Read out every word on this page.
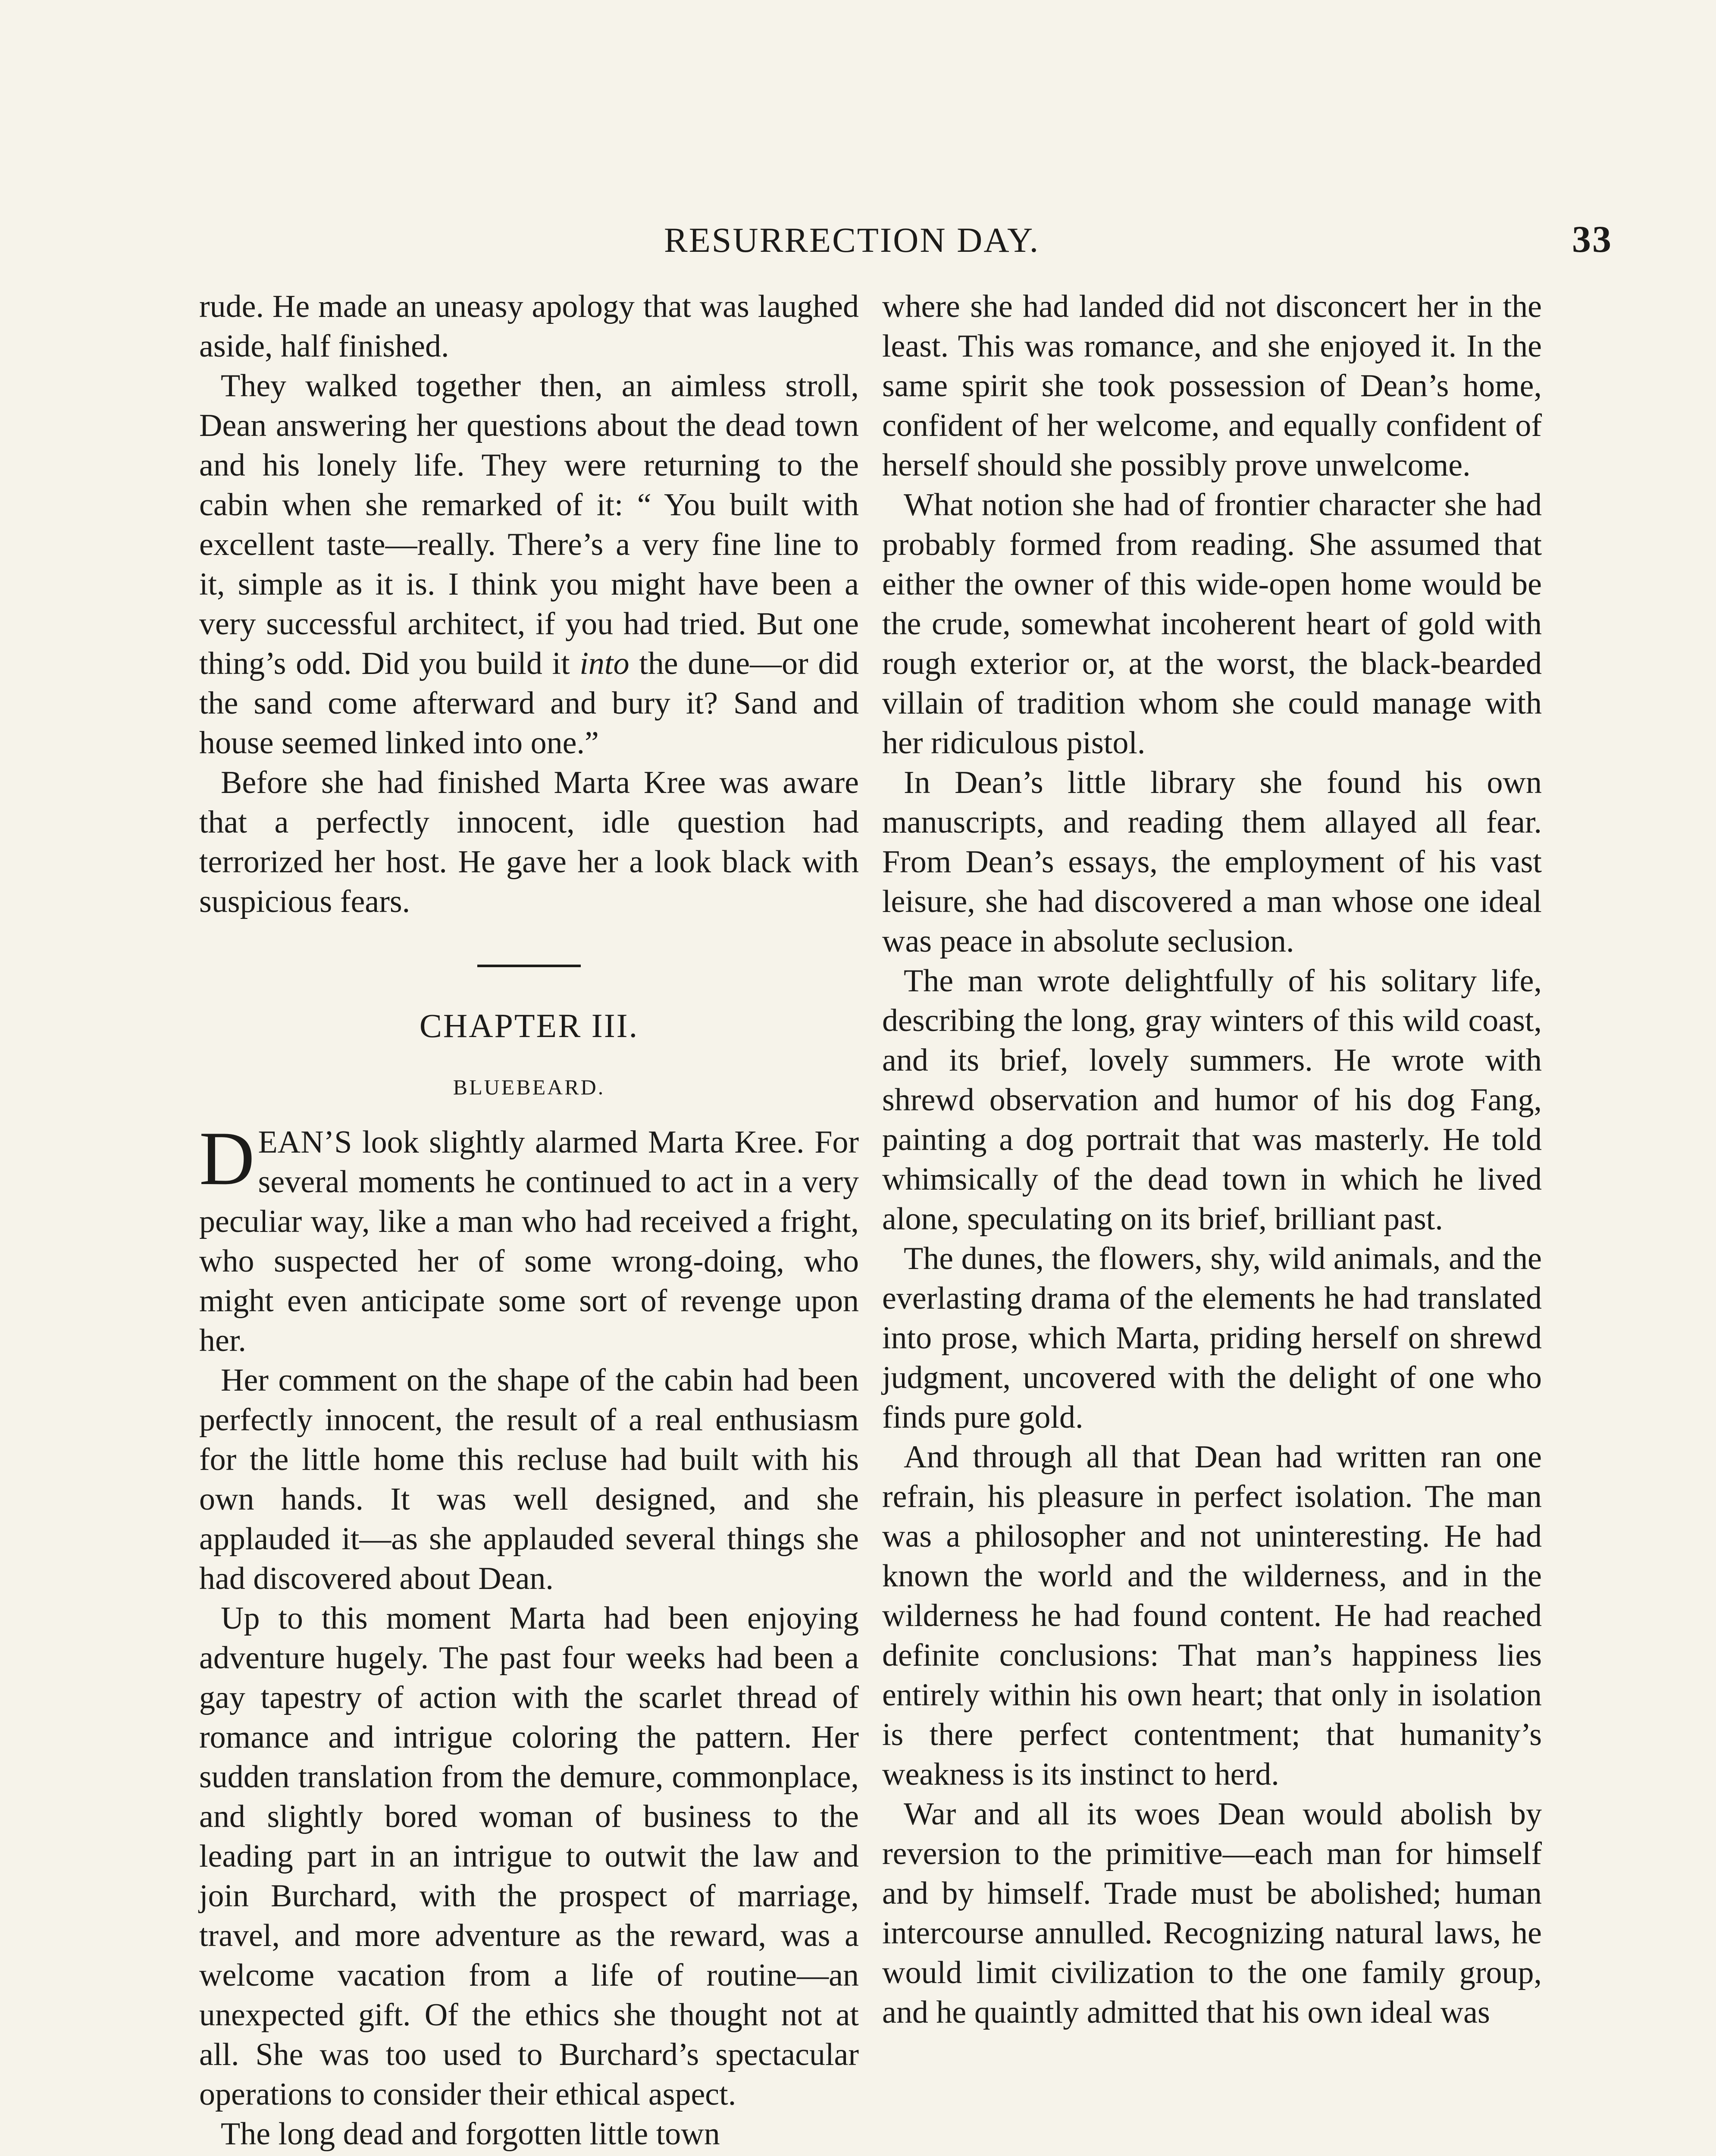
RESURRECTION DAY.	33

rude. He made an uneasy apology that was laughed aside, half finished.

They walked together then, an aimless stroll, Dean answering her questions about the dead town and his lonely life. They were returning to the cabin when she remarked of it: “ You built with excellent taste—really. There’s a very fine line to it, simple as it is. I think you might have been a very successful architect, if you had tried. But one thing’s odd. Did you build it into the dune—or did the sand come afterward and bury it? Sand and house seemed linked into one.”

Before she had finished Marta Kree was aware that a perfectly innocent, idle question had terrorized her host. He gave her a look black with suspicious fears.

CHAPTER III.
BLUEBEARD.

DEAN’S look slightly alarmed Marta Kree. For several moments he continued to act in a very peculiar way, like a man who had received a fright, who suspected her of some wrong-doing, who might even anticipate some sort of revenge upon her.

Her comment on the shape of the cabin had been perfectly innocent, the result of a real enthusiasm for the little home this recluse had built with his own hands. It was well designed, and she applauded it—as she applauded several things she had discovered about Dean.

Up to this moment Marta had been enjoying adventure hugely. The past four weeks had been a gay tapestry of action with the scarlet thread of romance and intrigue coloring the pattern. Her sudden translation from the demure, commonplace, and slightly bored woman of business to the leading part in an intrigue to outwit the law and join Burchard, with the prospect of marriage, travel, and more adventure as the reward, was a welcome vacation from a life of routine—an unexpected gift. Of the ethics she thought not at all. She was too used to Burchard’s spectacular operations to consider their ethical aspect.

The long dead and forgotten little town

where she had landed did not disconcert her in the least. This was romance, and she enjoyed it. In the same spirit she took possession of Dean’s home, confident of her welcome, and equally confident of herself should she possibly prove unwelcome.

What notion she had of frontier character she had probably formed from reading. She assumed that either the owner of this wide-open home would be the crude, somewhat incoherent heart of gold with rough exterior or, at the worst, the black-bearded villain of tradition whom she could manage with her ridiculous pistol.

In Dean’s little library she found his own manuscripts, and reading them allayed all fear. From Dean’s essays, the employment of his vast leisure, she had discovered a man whose one ideal was peace in absolute seclusion.

The man wrote delightfully of his solitary life, describing the long, gray winters of this wild coast, and its brief, lovely summers. He wrote with shrewd observation and humor of his dog Fang, painting a dog portrait that was masterly. He told whimsically of the dead town in which he lived alone, speculating on its brief, brilliant past.

The dunes, the flowers, shy, wild animals, and the everlasting drama of the elements he had translated into prose, which Marta, priding herself on shrewd judgment, uncovered with the delight of one who finds pure gold.

And through all that Dean had written ran one refrain, his pleasure in perfect isolation. The man was a philosopher and not uninteresting. He had known the world and the wilderness, and in the wilderness he had found content. He had reached definite conclusions: That man’s happiness lies entirely within his own heart; that only in isolation is there perfect contentment; that humanity’s weakness is its instinct to herd.

War and all its woes Dean would abolish by reversion to the primitive—each man for himself and by himself. Trade must be abolished; human intercourse annulled. Recognizing natural laws, he would limit civilization to the one family group, and he quaintly admitted that his own ideal was
